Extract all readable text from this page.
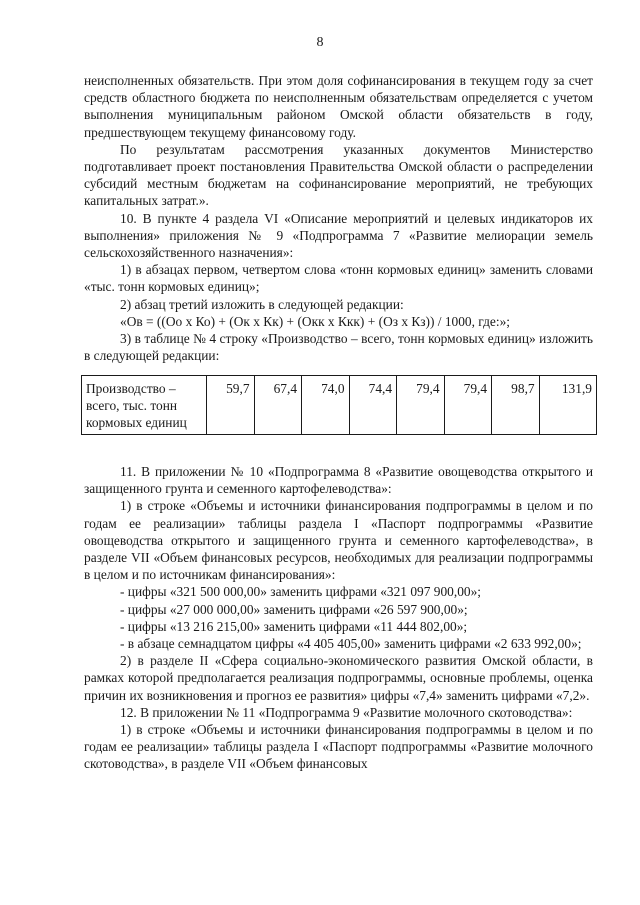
8

неисполненных обязательств. При этом доля софинансирования в текущем году за счет средств областного бюджета по неисполненным обязательствам определяется с учетом выполнения муниципальным районом Омской области обязательств в году, предшествующем текущему финансовому году.

По результатам рассмотрения указанных документов Министерство подготавливает проект постановления Правительства Омской области о распределении субсидий местным бюджетам на софинансирование мероприятий, не требующих капитальных затрат.».

10. В пункте 4 раздела VI «Описание мероприятий и целевых индикаторов их выполнения» приложения № 9 «Подпрограмма 7 «Развитие мелиорации земель сельскохозяйственного назначения»:

1) в абзацах первом, четвертом слова «тонн кормовых единиц» заменить словами «тыс. тонн кормовых единиц»;

2) абзац третий изложить в следующей редакции:

«Ов = ((Оо х Ко) + (Ок х Кк) + (Окк х Ккк) + (Оз х Кз)) / 1000, где:»;

3) в таблице № 4 строку «Производство – всего, тонн кормовых единиц» изложить в следующей редакции:

Производство – всего, тыс. тонн кормовых единиц	59,7	67,4	74,0	74,4	79,4	79,4	98,7	131,9

11. В приложении № 10 «Подпрограмма 8 «Развитие овощеводства открытого и защищенного грунта и семенного картофелеводства»:

1) в строке «Объемы и источники финансирования подпрограммы в целом и по годам ее реализации» таблицы раздела I «Паспорт подпрограммы «Развитие овощеводства открытого и защищенного грунта и семенного картофелеводства», в разделе VII «Объем финансовых ресурсов, необходимых для реализации подпрограммы в целом и по источникам финансирования»:

- цифры «321 500 000,00» заменить цифрами «321 097 900,00»;

- цифры «27 000 000,00» заменить цифрами «26 597 900,00»;

- цифры «13 216 215,00» заменить цифрами «11 444 802,00»;

- в абзаце семнадцатом цифры «4 405 405,00» заменить цифрами «2 633 992,00»;

2) в разделе II «Сфера социально-экономического развития Омской области, в рамках которой предполагается реализация подпрограммы, основные проблемы, оценка причин их возникновения и прогноз ее развития» цифры «7,4» заменить цифрами «7,2».

12. В приложении № 11 «Подпрограмма 9 «Развитие молочного скотоводства»:

1) в строке «Объемы и источники финансирования подпрограммы в целом и по годам ее реализации» таблицы раздела I «Паспорт подпрограммы «Развитие молочного скотоводства», в разделе VII «Объем финансовых
